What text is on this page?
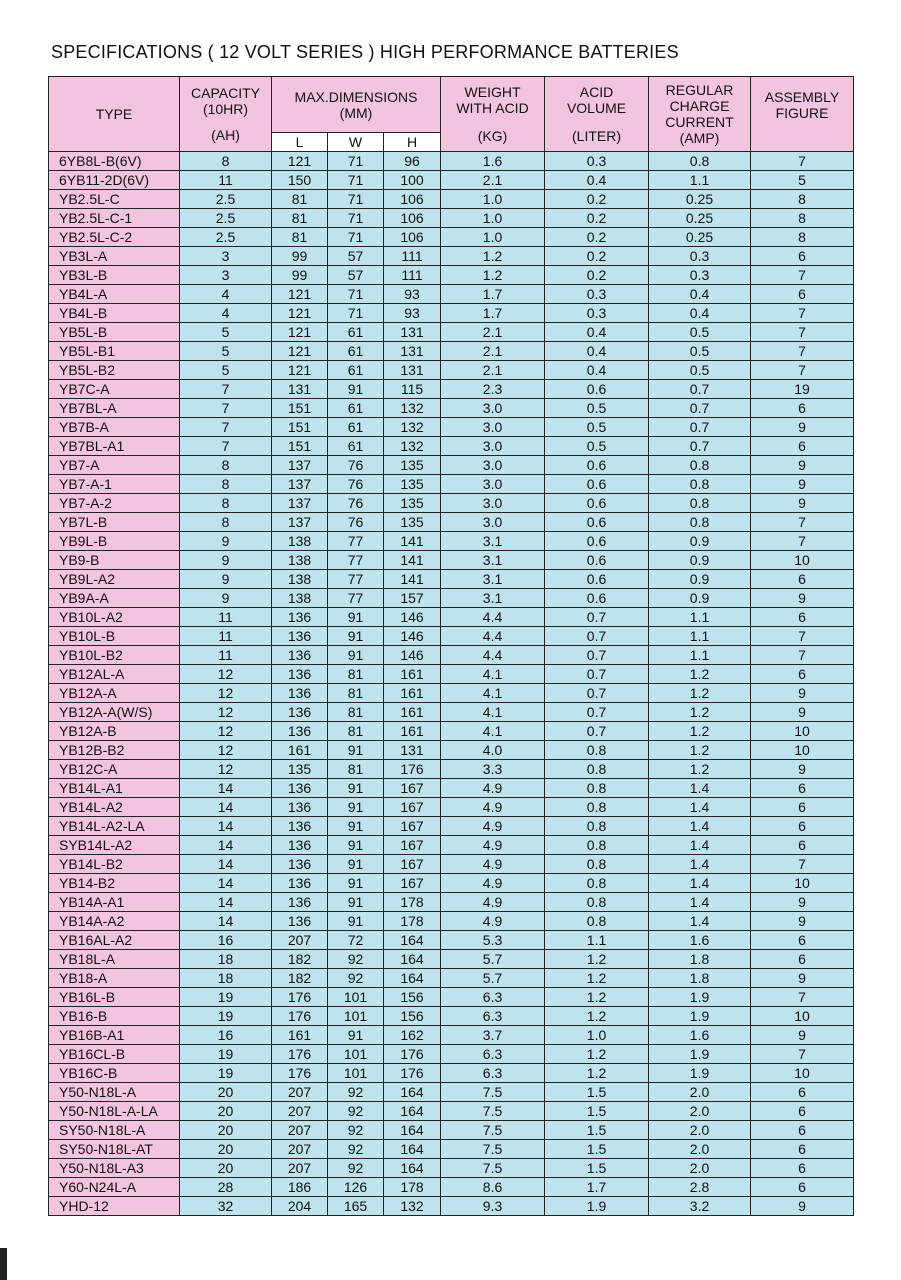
SPECIFICATIONS ( 12 VOLT SERIES ) HIGH PERFORMANCE BATTERIES
TYPE	CAPACITY
(10HR)
(AH)	MAX.DIMENSIONS
(MM)			WEIGHT
WITH ACID
(KG)	ACID
VOLUME
(LITER)	REGULAR
CHARGE
CURRENT
(AMP)	ASSEMBLY
FIGURE

		L	W	H				
6YB8L-B(6V)	8	121	71	96	1.6	0.3	0.8	7
6YB11-2D(6V)	11	150	71	100	2.1	0.4	1.1	5
YB2.5L-C	2.5	81	71	106	1.0	0.2	0.25	8
YB2.5L-C-1	2.5	81	71	106	1.0	0.2	0.25	8
YB2.5L-C-2	2.5	81	71	106	1.0	0.2	0.25	8
YB3L-A	3	99	57	111	1.2	0.2	0.3	6
YB3L-B	3	99	57	111	1.2	0.2	0.3	7
YB4L-A	4	121	71	93	1.7	0.3	0.4	6
YB4L-B	4	121	71	93	1.7	0.3	0.4	7
YB5L-B	5	121	61	131	2.1	0.4	0.5	7
YB5L-B1	5	121	61	131	2.1	0.4	0.5	7
YB5L-B2	5	121	61	131	2.1	0.4	0.5	7
YB7C-A	7	131	91	115	2.3	0.6	0.7	19
YB7BL-A	7	151	61	132	3.0	0.5	0.7	6
YB7B-A	7	151	61	132	3.0	0.5	0.7	9
YB7BL-A1	7	151	61	132	3.0	0.5	0.7	6
YB7-A	8	137	76	135	3.0	0.6	0.8	9
YB7-A-1	8	137	76	135	3.0	0.6	0.8	9
YB7-A-2	8	137	76	135	3.0	0.6	0.8	9
YB7L-B	8	137	76	135	3.0	0.6	0.8	7
YB9L-B	9	138	77	141	3.1	0.6	0.9	7
YB9-B	9	138	77	141	3.1	0.6	0.9	10
YB9L-A2	9	138	77	141	3.1	0.6	0.9	6
YB9A-A	9	138	77	157	3.1	0.6	0.9	9
YB10L-A2	11	136	91	146	4.4	0.7	1.1	6
YB10L-B	11	136	91	146	4.4	0.7	1.1	7
YB10L-B2	11	136	91	146	4.4	0.7	1.1	7
YB12AL-A	12	136	81	161	4.1	0.7	1.2	6
YB12A-A	12	136	81	161	4.1	0.7	1.2	9
YB12A-A(W/S)	12	136	81	161	4.1	0.7	1.2	9
YB12A-B	12	136	81	161	4.1	0.7	1.2	10
YB12B-B2	12	161	91	131	4.0	0.8	1.2	10
YB12C-A	12	135	81	176	3.3	0.8	1.2	9
YB14L-A1	14	136	91	167	4.9	0.8	1.4	6
YB14L-A2	14	136	91	167	4.9	0.8	1.4	6
YB14L-A2-LA	14	136	91	167	4.9	0.8	1.4	6
SYB14L-A2	14	136	91	167	4.9	0.8	1.4	6
YB14L-B2	14	136	91	167	4.9	0.8	1.4	7
YB14-B2	14	136	91	167	4.9	0.8	1.4	10
YB14A-A1	14	136	91	178	4.9	0.8	1.4	9
YB14A-A2	14	136	91	178	4.9	0.8	1.4	9
YB16AL-A2	16	207	72	164	5.3	1.1	1.6	6
YB18L-A	18	182	92	164	5.7	1.2	1.8	6
YB18-A	18	182	92	164	5.7	1.2	1.8	9
YB16L-B	19	176	101	156	6.3	1.2	1.9	7
YB16-B	19	176	101	156	6.3	1.2	1.9	10
YB16B-A1	16	161	91	162	3.7	1.0	1.6	9
YB16CL-B	19	176	101	176	6.3	1.2	1.9	7
YB16C-B	19	176	101	176	6.3	1.2	1.9	10
Y50-N18L-A	20	207	92	164	7.5	1.5	2.0	6
Y50-N18L-A-LA	20	207	92	164	7.5	1.5	2.0	6
SY50-N18L-A	20	207	92	164	7.5	1.5	2.0	6
SY50-N18L-AT	20	207	92	164	7.5	1.5	2.0	6
Y50-N18L-A3	20	207	92	164	7.5	1.5	2.0	6
Y60-N24L-A	28	186	126	178	8.6	1.7	2.8	6
YHD-12	32	204	165	132	9.3	1.9	3.2	9
